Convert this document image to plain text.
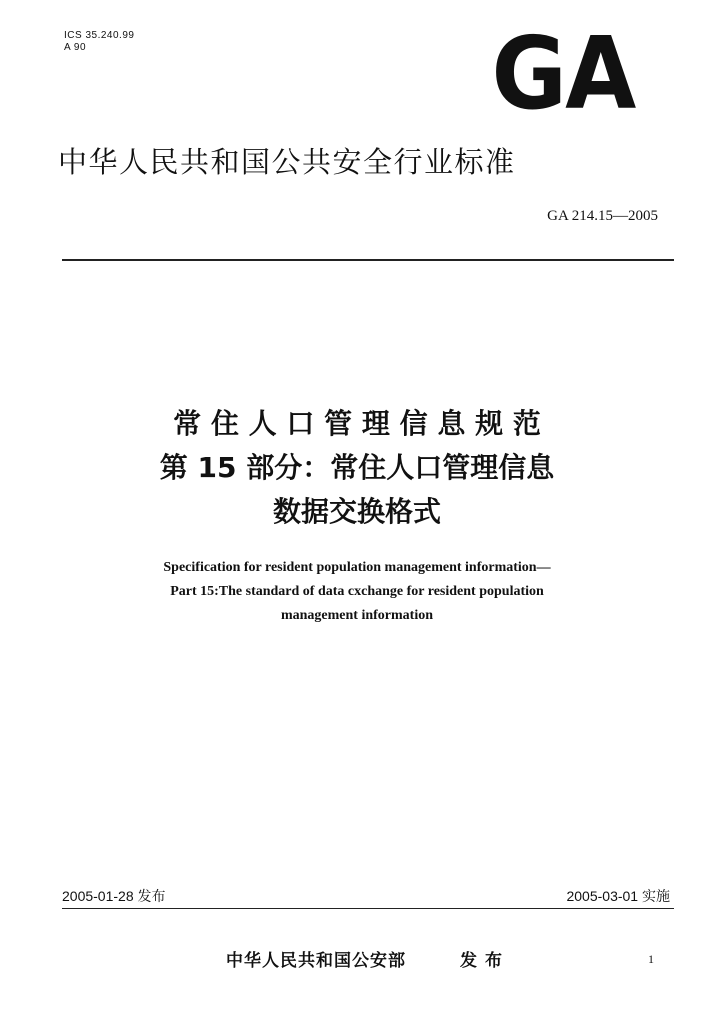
ICS 35.240.99
A 90	GA
中华人民共和国公共安全行业标准
GA 214.15—2005
常 住 人 口 管 理 信 息 规 范
第 15 部分：常住人口管理信息
数据交换格式
Specification for resident population management information—
Part 15:The standard of data cxchange for resident population
management information
2005-01-28 发布	2005-03-01 实施
中华人民共和国公安部	发布	1
